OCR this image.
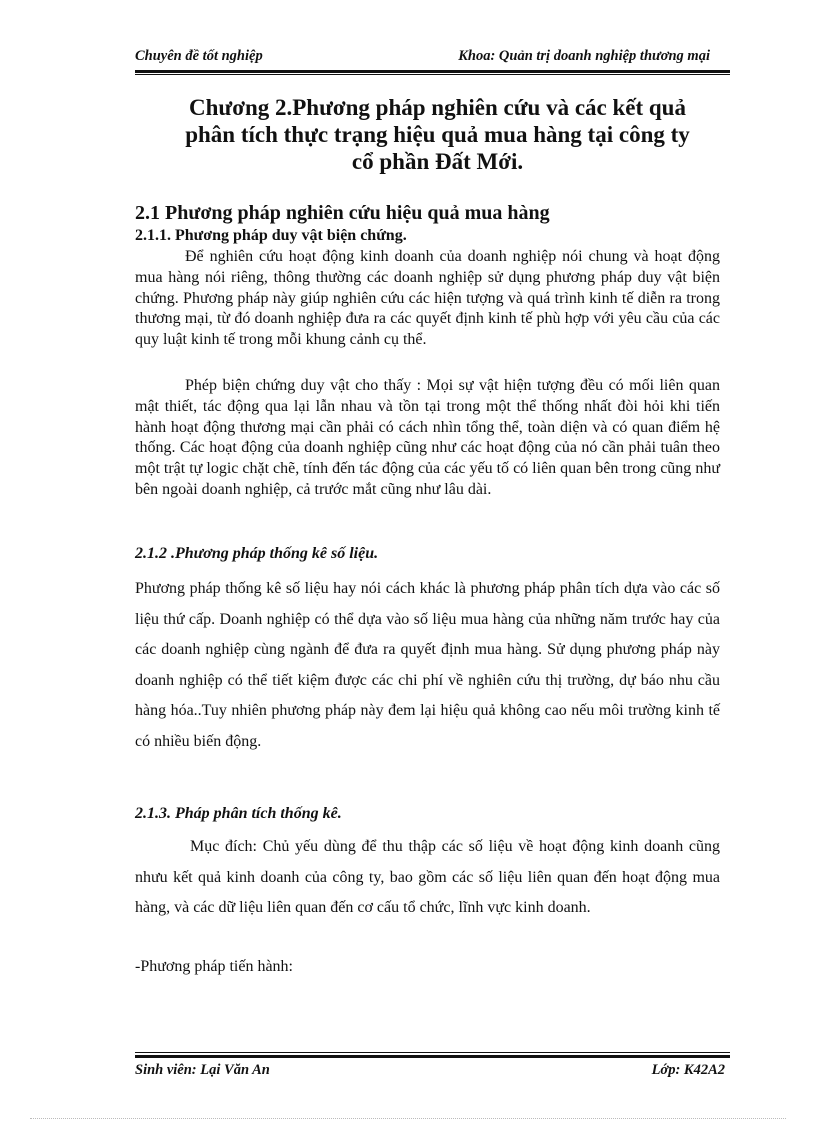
Chuyên đề tốt nghiệp	Khoa: Quản trị doanh nghiệp thương mại
Chương 2.Phương pháp nghiên cứu và các kết quả
phân tích thực trạng hiệu quả mua hàng tại công ty
cổ phần Đất Mới.
2.1 Phương pháp nghiên cứu hiệu quả mua hàng
2.1.1. Phương pháp duy vật biện chứng.

Để nghiên cứu hoạt động kinh doanh của doanh nghiệp nói chung và hoạt động mua hàng nói riêng, thông thường các doanh nghiệp sử dụng phương pháp duy vật biện chứng. Phương pháp này giúp nghiên cứu các hiện tượng và quá trình kinh tế diễn ra trong thương mại, từ đó doanh nghiệp đưa ra các quyết định kinh tế phù hợp với yêu cầu của các quy luật kinh tế trong mỗi khung cảnh cụ thể.

Phép biện chứng duy vật cho thấy : Mọi sự vật hiện tượng đều có mối liên quan mật thiết, tác động qua lại lẫn nhau và tồn tại trong một thể thống nhất đòi hỏi khi tiến hành hoạt động thương mại cần phải có cách nhìn tổng thể, toàn diện và có quan điểm hệ thống. Các hoạt động của doanh nghiệp cũng như các hoạt động của nó cần phải tuân theo một trật tự logic chặt chẽ, tính đến tác động của các yếu tố có liên quan bên trong cũng như bên ngoài doanh nghiệp, cả trước mắt cũng như lâu dài.

2.1.2 .Phương pháp thống kê số liệu.

Phương pháp thống kê số liệu hay nói cách khác là phương pháp phân tích dựa vào các số liệu thứ cấp. Doanh nghiệp có thể dựa vào số liệu mua hàng của những năm trước hay của các doanh nghiệp cùng ngành để đưa ra quyết định mua hàng. Sử dụng phương pháp này doanh nghiệp có thể tiết kiệm được các chi phí về nghiên cứu thị trường, dự báo nhu cầu hàng hóa..Tuy nhiên phương pháp này đem lại hiệu quả không cao nếu môi trường kinh tế có nhiều biến động.

2.1.3. Pháp phân tích thống kê.

Mục đích: Chủ yếu dùng để thu thập các số liệu về hoạt động kinh doanh cũng nhưu kết quả kinh doanh của công ty, bao gồm các số liệu liên quan đến hoạt động mua hàng, và các dữ liệu liên quan đến cơ cấu tổ chức, lĩnh vực kinh doanh.

-Phương pháp tiến hành:
Sinh viên: Lại Văn An	Lớp: K42A2
